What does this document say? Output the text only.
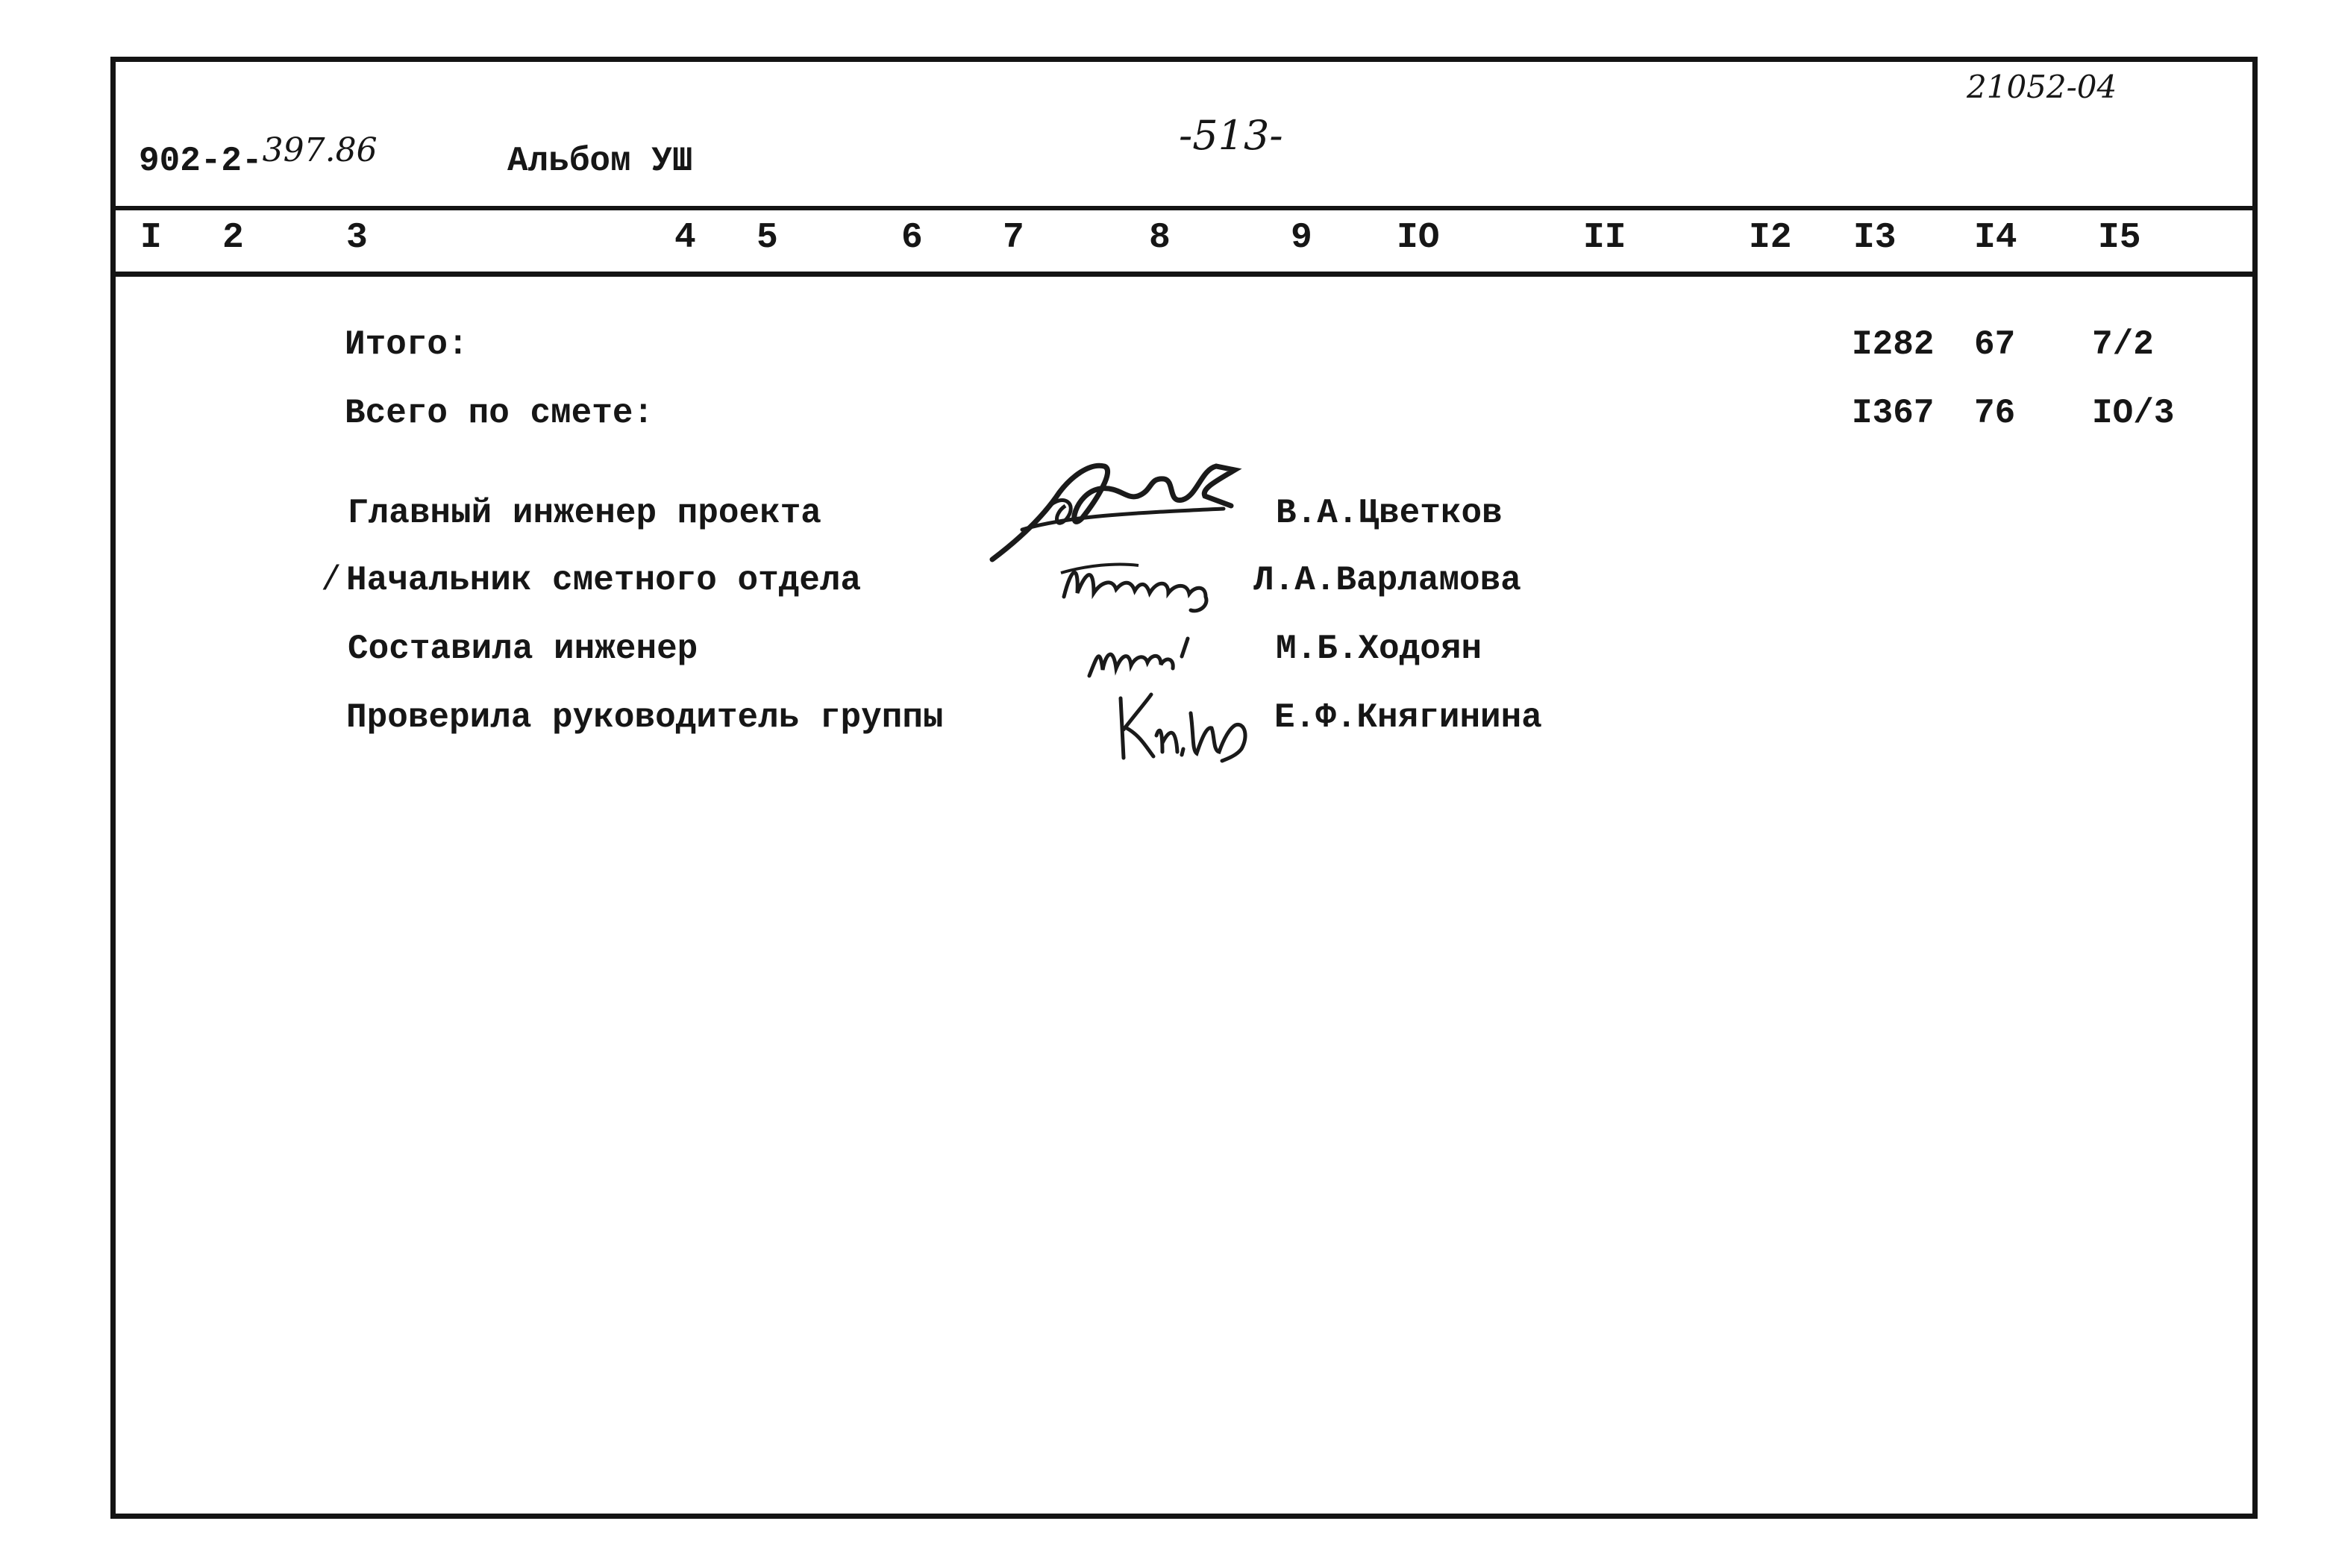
902-2-397.86	Альбом УШ
-513-
21052-04
I 2	3	4 5	6 7	8	9 IO	II	I2 I3 I4 I5
Итого:	I282 67 7/2
Всего по смете:	I367 76 IO/3
Главный инженер проекта	В.А.Цветков
/ Начальник сметного отдела	Л.А.Варламова
Составила инженер	М.Б.Ходоян
Проверила руководитель группы	Е.Ф.Княгинина
